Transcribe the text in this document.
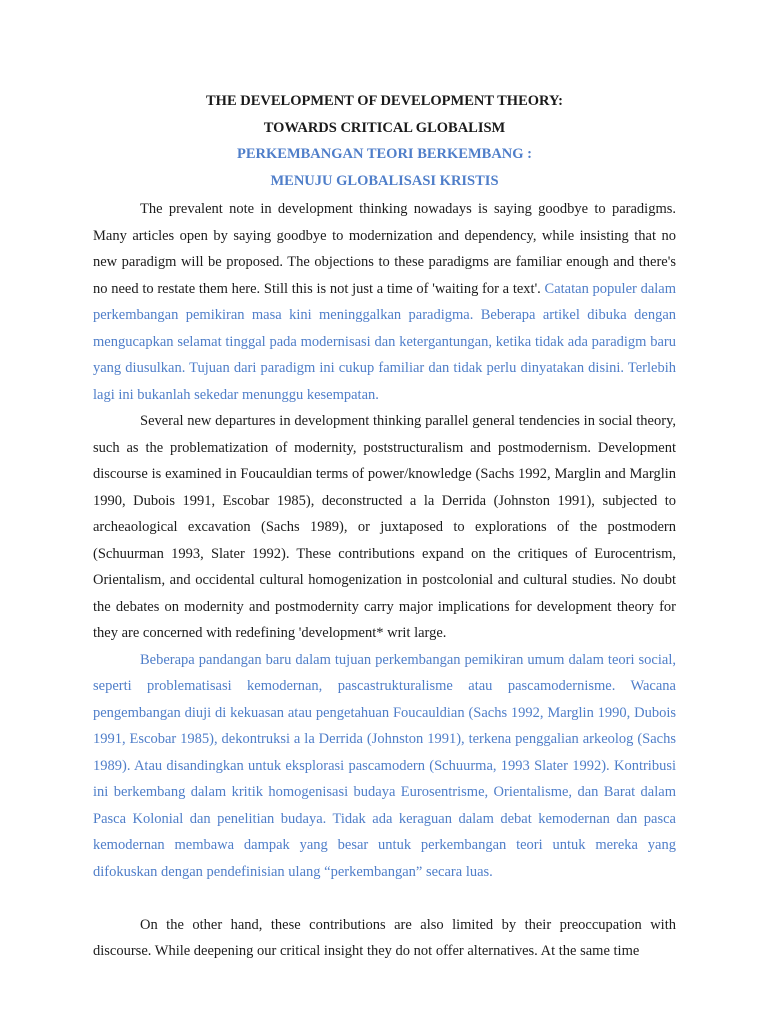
THE DEVELOPMENT OF DEVELOPMENT THEORY:
TOWARDS CRITICAL GLOBALISM
PERKEMBANGAN TEORI BERKEMBANG :
MENUJU GLOBALISASI KRISTIS

The prevalent note in development thinking nowadays is saying goodbye to paradigms. Many articles open by saying goodbye to modernization and dependency, while insisting that no new paradigm will be proposed. The objections to these paradigms are familiar enough and there's no need to restate them here. Still this is not just a time of 'waiting for a text'. Catatan populer dalam perkembangan pemikiran masa kini meninggalkan paradigma. Beberapa artikel dibuka dengan mengucapkan selamat tinggal pada modernisasi dan ketergantungan, ketika tidak ada paradigm baru yang diusulkan. Tujuan dari paradigm ini cukup familiar dan tidak perlu dinyatakan disini. Terlebih lagi ini bukanlah sekedar menunggu kesempatan.

Several new departures in development thinking parallel general tendencies in social theory, such as the problematization of modernity, poststructuralism and postmodernism. Development discourse is examined in Foucauldian terms of power/knowledge (Sachs 1992, Marglin and Marglin 1990, Dubois 1991, Escobar 1985), deconstructed a la Derrida (Johnston 1991), subjected to archeaological excavation (Sachs 1989), or juxtaposed to explorations of the postmodern (Schuurman 1993, Slater 1992). These contributions expand on the critiques of Eurocentrism, Orientalism, and occidental cultural homogenization in postcolonial and cultural studies. No doubt the debates on modernity and postmodernity carry major implications for development theory for they are concerned with redefining 'development* writ large.

Beberapa pandangan baru dalam tujuan perkembangan pemikiran umum dalam teori social, seperti problematisasi kemodernan, pascastrukturalisme atau pascamodernisme. Wacana pengembangan diuji di kekuasan atau pengetahuan Foucauldian (Sachs 1992, Marglin 1990, Dubois 1991, Escobar 1985), dekontruksi a la Derrida (Johnston 1991), terkena penggalian arkeolog (Sachs 1989). Atau disandingkan untuk eksplorasi pascamodern (Schuurma, 1993 Slater 1992). Kontribusi ini berkembang dalam kritik homogenisasi budaya Eurosentrisme, Orientalisme, dan Barat dalam Pasca Kolonial dan penelitian budaya. Tidak ada keraguan dalam debat kemodernan dan pasca kemodernan membawa dampak yang besar untuk perkembangan teori untuk mereka yang difokuskan dengan pendefinisian ulang “perkembangan” secara luas.

On the other hand, these contributions are also limited by their preoccupation with discourse. While deepening our critical insight they do not offer alternatives. At the same time
